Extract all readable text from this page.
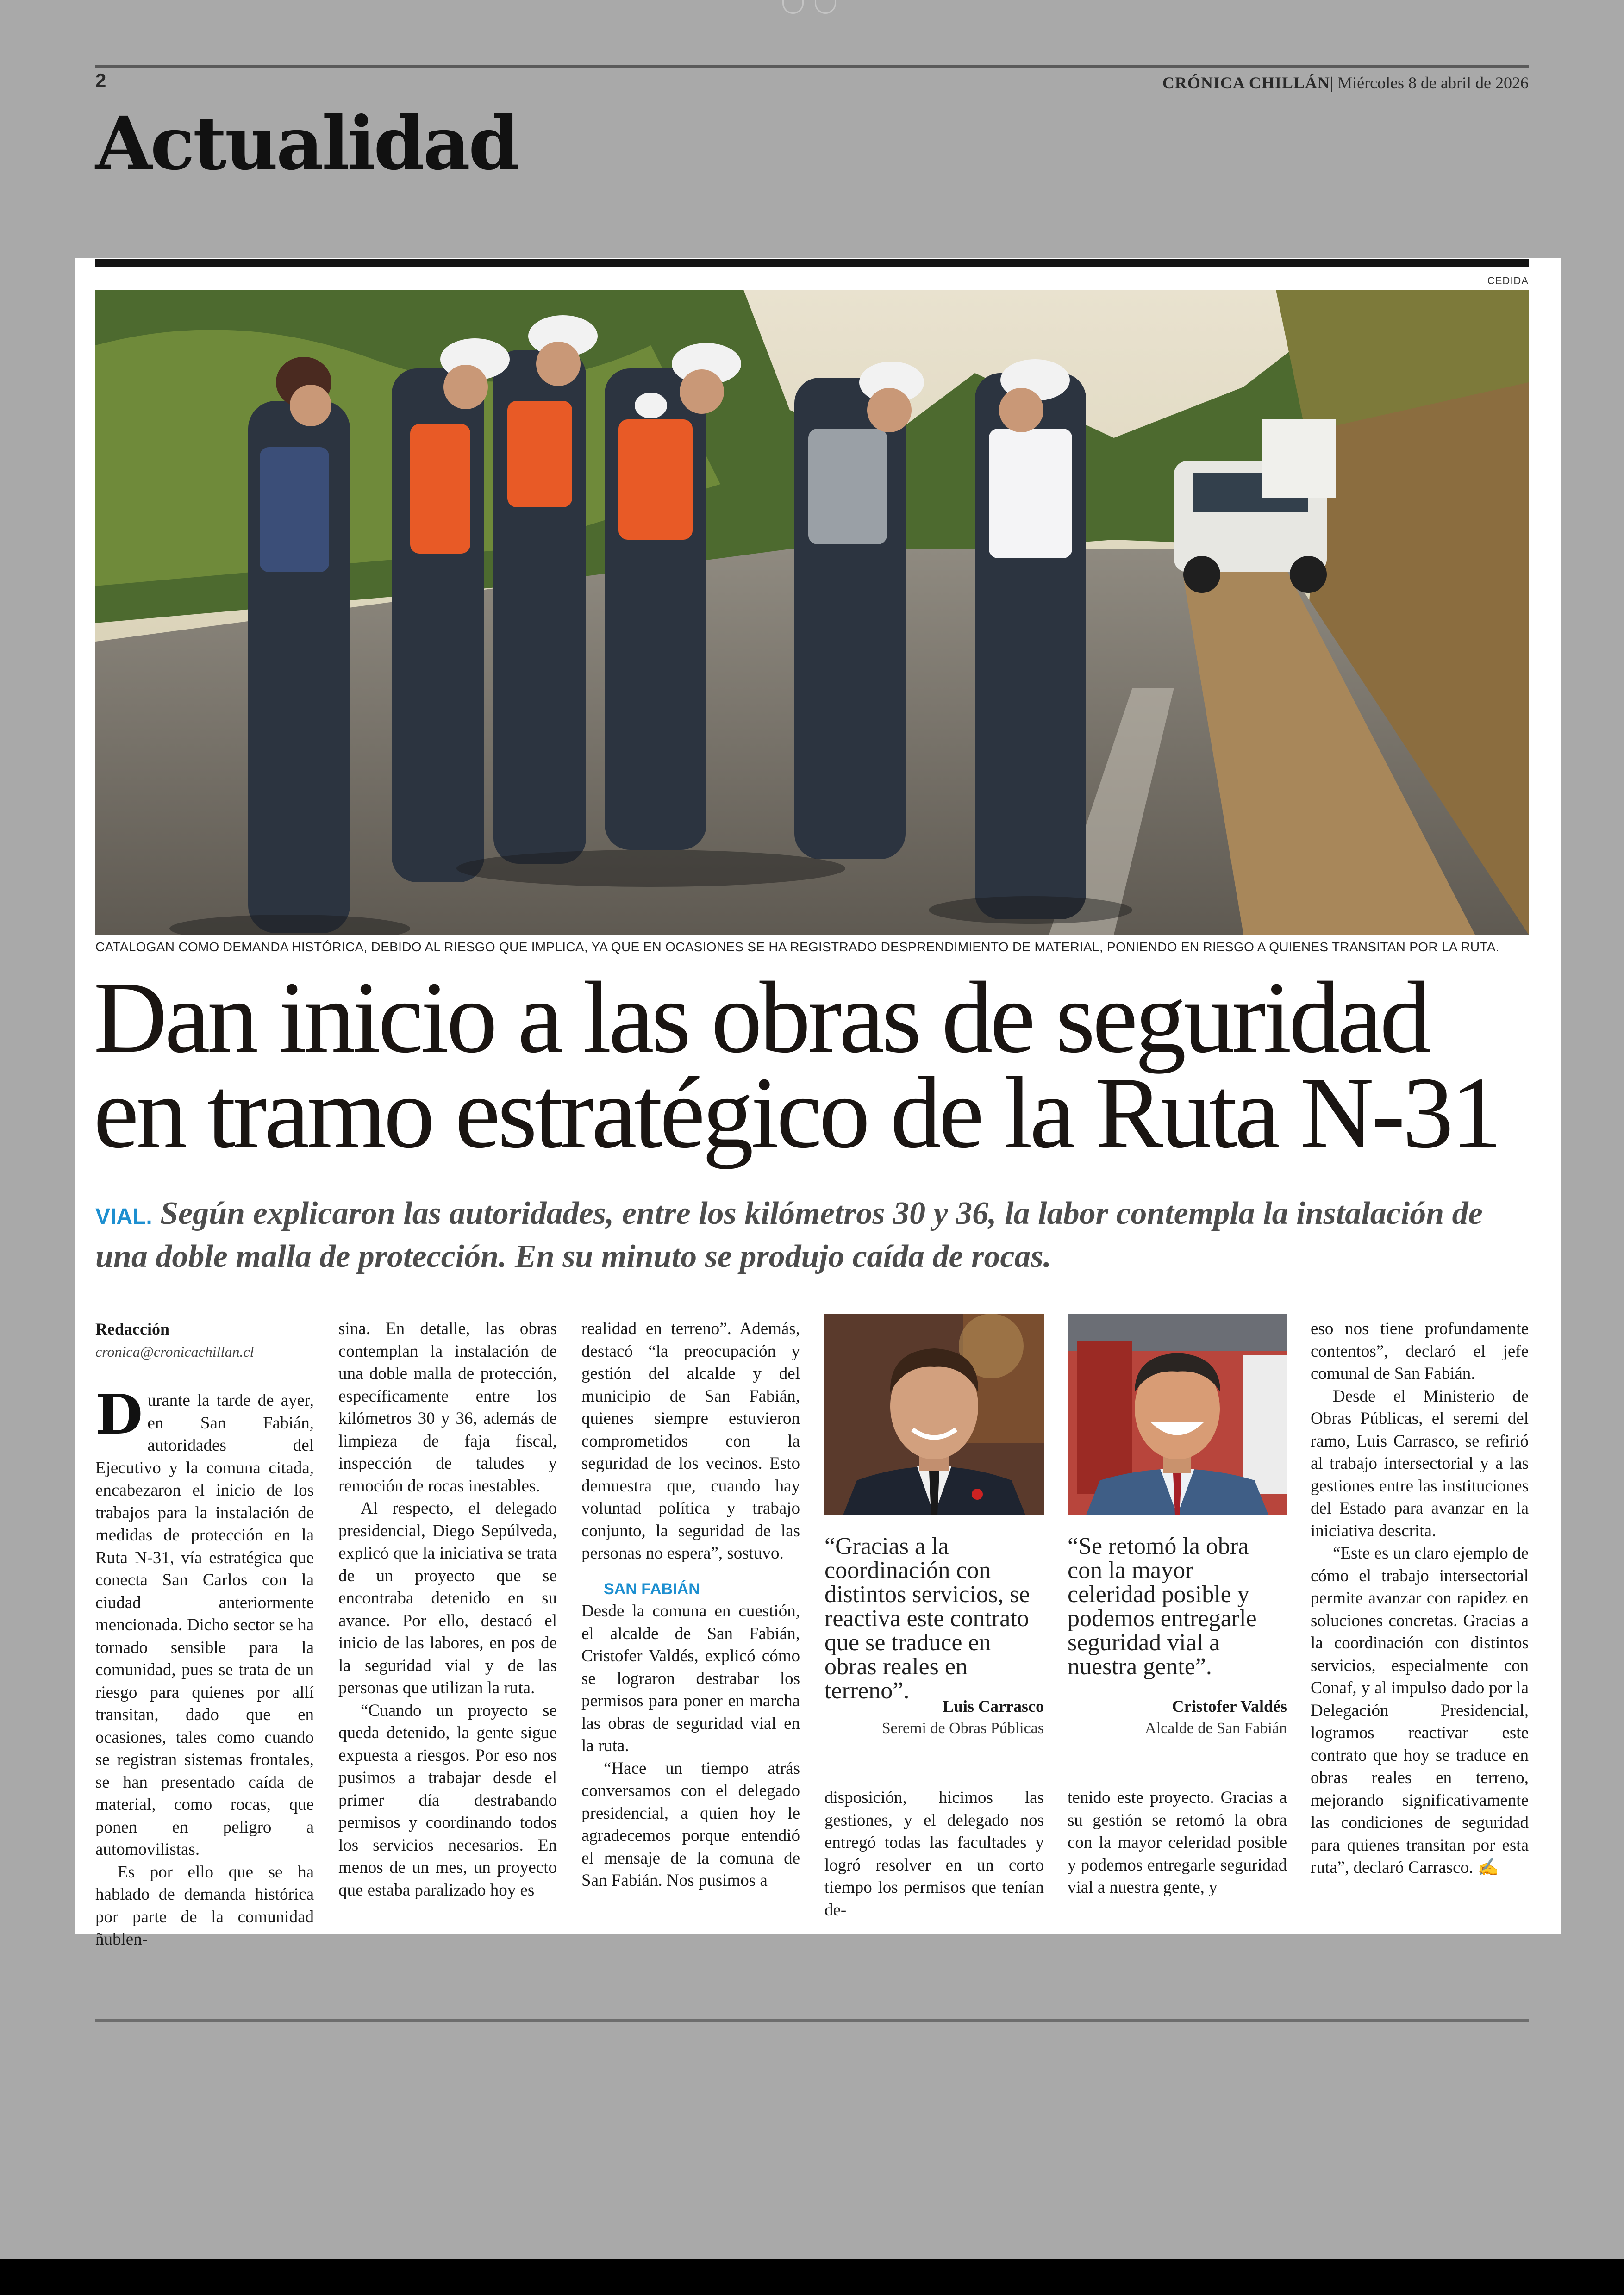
2	CRÓNICA CHILLÁN| Miércoles 8 de abril de 2026
Actualidad
CEDIDA
CATALOGAN COMO DEMANDA HISTÓRICA, DEBIDO AL RIESGO QUE IMPLICA, YA QUE EN OCASIONES SE HA REGISTRADO DESPRENDIMIENTO DE MATERIAL, PONIENDO EN RIESGO A QUIENES TRANSITAN POR LA RUTA.
Dan inicio a las obras de seguridad
en tramo estratégico de la Ruta N-31
VIAL. Según explicaron las autoridades, entre los kilómetros 30 y 36, la labor contempla la instalación de una doble malla de protección. En su minuto se produjo caída de rocas.

Redacción

cronica@cronicachillan.cl

Durante la tarde de ayer, en San Fabián, autoridades del Ejecutivo y la comuna citada, encabezaron el inicio de los trabajos para la instalación de medidas de protección en la Ruta N-31, vía estratégica que conecta San Carlos con la ciudad anteriormente mencionada. Dicho sector se ha tornado sensible para la comunidad, pues se trata de un riesgo para quienes por allí transitan, dado que en ocasiones, tales como cuando se registran sistemas frontales, se han presentado caída de material, como rocas, que ponen en peligro a automovilistas.

Es por ello que se ha hablado de demanda histórica por parte de la comunidad ñublen-

sina. En detalle, las obras contemplan la instalación de una doble malla de protección, específicamente entre los kilómetros 30 y 36, además de limpieza de faja fiscal, inspección de taludes y remoción de rocas inestables.

Al respecto, el delegado presidencial, Diego Sepúlveda, explicó que la iniciativa se trata de un proyecto que se encontraba detenido en su avance. Por ello, destacó el inicio de las labores, en pos de la seguridad vial y de las personas que utilizan la ruta.

“Cuando un proyecto se queda detenido, la gente sigue expuesta a riesgos. Por eso nos pusimos a trabajar desde el primer día destrabando permisos y coordinando todos los servicios necesarios. En menos de un mes, un proyecto que estaba paralizado hoy es

realidad en terreno”. Además, destacó “la preocupación y gestión del alcalde y del municipio de San Fabián, quienes siempre estuvieron comprometidos con la seguridad de los vecinos. Esto demuestra que, cuando hay voluntad política y trabajo conjunto, la seguridad de las personas no espera”, sostuvo.

SAN FABIÁN

Desde la comuna en cuestión, el alcalde de San Fabián, Cristofer Valdés, explicó cómo se lograron destrabar los permisos para poner en marcha las obras de seguridad vial en la ruta.

“Hace un tiempo atrás conversamos con el delegado presidencial, a quien hoy le agradecemos porque entendió el mensaje de la comuna de San Fabián. Nos pusimos a

“Gracias a la coordinación con distintos servicios, se reactiva este contrato que se traduce en obras reales en terreno”.
Luis Carrasco
Seremi de Obras Públicas

disposición, hicimos las gestiones, y el delegado nos entregó todas las facultades y logró resolver en un corto tiempo los permisos que tenían de-

“Se retomó la obra con la mayor celeridad posible y podemos entregarle seguridad vial a nuestra gente”.
Cristofer Valdés
Alcalde de San Fabián

tenido este proyecto. Gracias a su gestión se retomó la obra con la mayor celeridad posible y podemos entregarle seguridad vial a nuestra gente, y

eso nos tiene profundamente contentos”, declaró el jefe comunal de San Fabián.

Desde el Ministerio de Obras Públicas, el seremi del ramo, Luis Carrasco, se refirió al trabajo intersectorial y a las gestiones entre las instituciones del Estado para avanzar en la iniciativa descrita.

“Este es un claro ejemplo de cómo el trabajo intersectorial permite avanzar con rapidez en soluciones concretas. Gracias a la coordinación con distintos servicios, especialmente con Conaf, y al impulso dado por la Delegación Presidencial, logramos reactivar este contrato que hoy se traduce en obras reales en terreno, mejorando significativamente las condiciones de seguridad para quienes transitan por esta ruta”, declaró Carrasco. ✍
